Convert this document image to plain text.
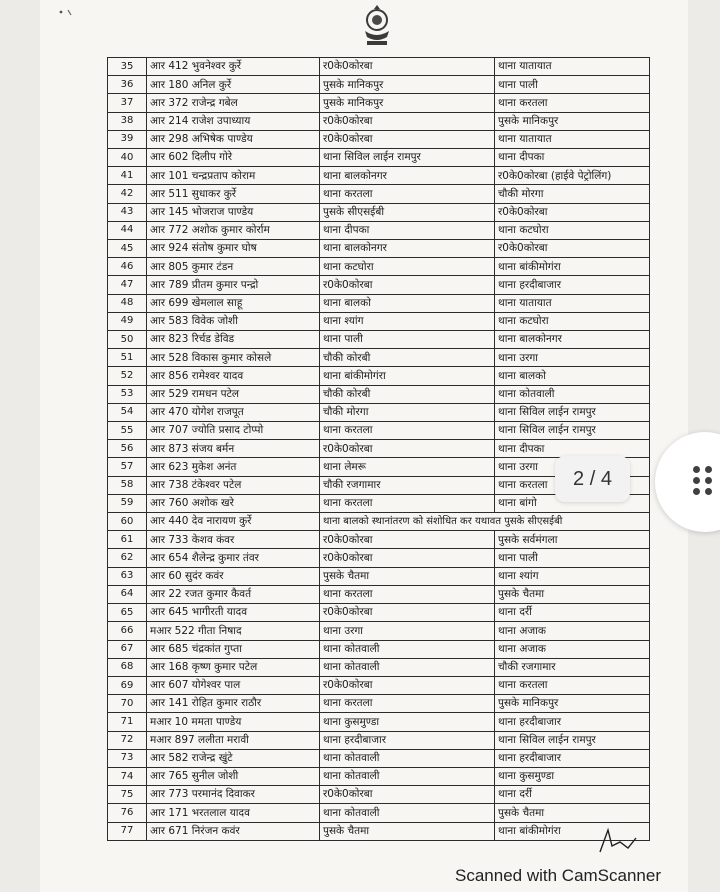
35	आर 412 भुवनेश्वर कुर्रे	र0के0कोरबा	थाना यातायात
36	आर 180 अनिल कुर्रे	पुसके मानिकपुर	थाना पाली
37	आर 372 राजेन्द्र गबेल	पुसके मानिकपुर	थाना करतला
38	आर 214 राजेश उपाध्याय	र0के0कोरबा	पुसके मानिकपुर
39	आर 298 अभिषेक पाण्डेय	र0के0कोरबा	थाना यातायात
40	आर 602 दिलीप गोरे	थाना सिविल लाईन रामपुर	थाना दीपका
41	आर 101 चन्द्रप्रताप कोराम	थाना बालकोनगर	र0के0कोरबा (हाईवे पेट्रोलिंग)
42	आर 511 सुधाकर कुर्रे	थाना करतला	चौकी मोरगा
43	आर 145 भोजराज पाण्डेय	पुसके सीएसईबी	र0के0कोरबा
44	आर 772 अशोक कुमार कोर्राम	थाना दीपका	थाना कटघोरा
45	आर 924 संतोष कुमार घोष	थाना बालकोनगर	र0के0कोरबा
46	आर 805 कुमार टंडन	थाना कटघोरा	थाना बांकीमोगंरा
47	आर 789 प्रीतम कुमार पन्द्रो	र0के0कोरबा	थाना हरदीबाजार
48	आर 699 खेमलाल साहू	थाना बालको	थाना यातायात
49	आर 583 विवेक जोशी	थाना श्यांग	थाना कटघोरा
50	आर 823 रिर्चड डेविड	थाना पाली	थाना बालकोनगर
51	आर 528 विकास कुमार कोसले	चौकी कोरबी	थाना उरगा
52	आर 856 रामेश्वर यादव	थाना बांकीमोगंरा	थाना बालको
53	आर 529 रामधन पटेल	चौकी कोरबी	थाना कोतवाली
54	आर 470 योगेश राजपूत	चौकी मोरगा	थाना सिविल लाईन रामपुर
55	आर 707 ज्योति प्रसाद टोप्पो	थाना करतला	थाना सिविल लाईन रामपुर
56	आर 873 संजय बर्मन	र0के0कोरबा	थाना दीपका
57	आर 623 मुकेश अनंत	थाना लेमरू	थाना उरगा
58	आर 738 टंकेश्वर पटेल	चौकी रजगामार	थाना करतला
59	आर 760 अशोक खरे	थाना करतला	थाना बांगो
60	आर 440 देव नारायण कुर्रे	थाना बालको स्थानांतरण को संशोधित कर यथावत पुसके सीएसईबी	
61	आर 733 केशव कंवर	र0के0कोरबा	पुसके सर्वमंगला
62	आर 654 शैलेन्द्र कुमार तंवर	र0के0कोरबा	थाना पाली
63	आर 60 सुदंर कवंर	पुसके चैतमा	थाना श्यांग
64	आर 22 रजत कुमार कैवर्त	थाना करतला	पुसके चैतमा
65	आर 645 भागीरती यादव	र0के0कोरबा	थाना दर्री
66	मआर 522 गीता निषाद	थाना उरगा	थाना अजाक
67	आर 685 चंद्रकांत गुप्ता	थाना कोतवाली	थाना अजाक
68	आर 168 कृष्ण कुमार पटेल	थाना कोतवाली	चौकी रजगामार
69	आर 607 योगेश्वर पाल	र0के0कोरबा	थाना करतला
70	आर 141 रोहित कुमार राठौर	थाना करतला	पुसके मानिकपुर
71	मआर 10 ममता पाण्डेय	थाना कुसमुण्डा	थाना हरदीबाजार
72	मआर 897 ललीता मरावी	थाना हरदीबाजार	थाना सिविल लाईन रामपुर
73	आर 582 राजेन्द्र खुंटे	थाना कोतवाली	थाना हरदीबाजार
74	आर 765 सुनील जोशी	थाना कोतवाली	थाना कुसमुण्डा
75	आर 773 परमानंद दिवाकर	र0के0कोरबा	थाना दर्री
76	आर 171 भरतलाल यादव	थाना कोतवाली	पुसके चैतमा
77	आर 671 निरंजन कवंर	पुसके चैतमा	थाना बांकीमोगंरा
2 / 4
Scanned with CamScanner
